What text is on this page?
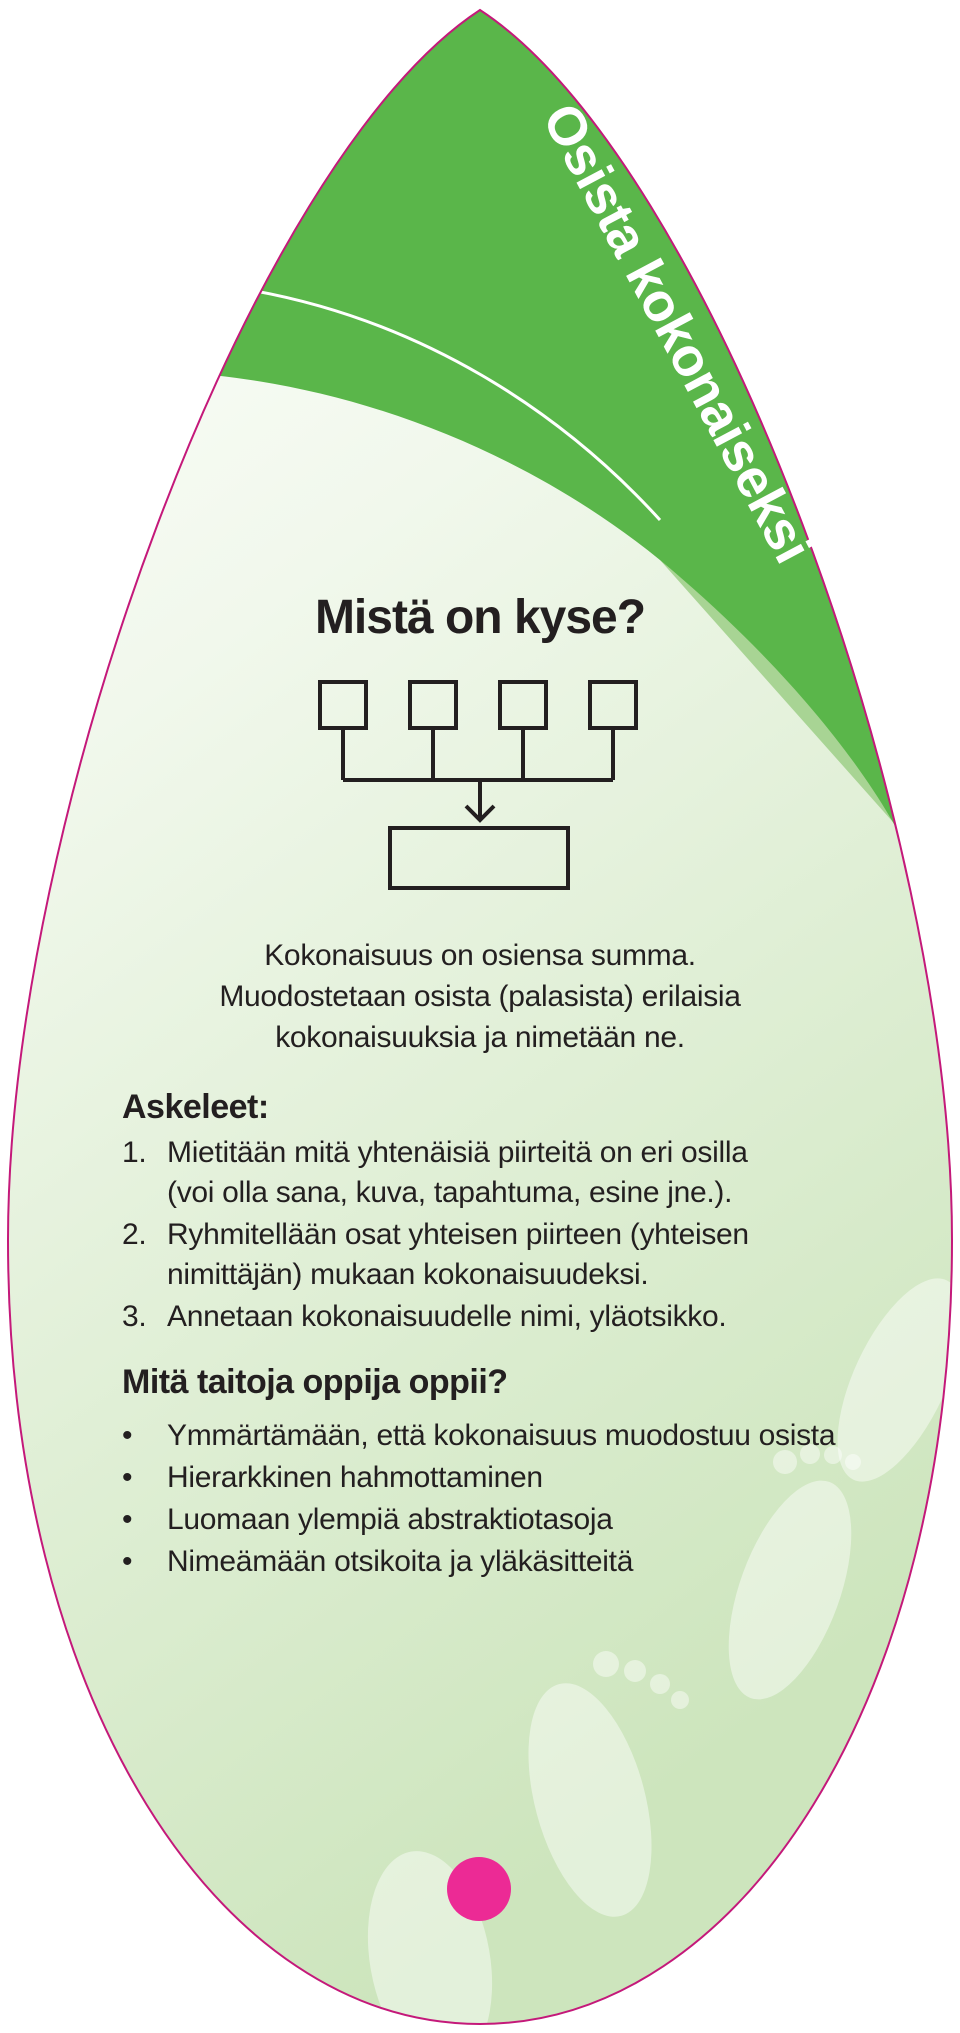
Osista kokonaiseksi
Mistä on kyse?
Kokonaisuus on osiensa summa.
Muodostetaan osista (palasista) erilaisia
kokonaisuuksia ja nimetään ne.
Askeleet:
1. Mietitään mitä yhtenäisiä piirteitä on eri osilla
(voi olla sana, kuva, tapahtuma, esine jne.).
2. Ryhmitellään osat yhteisen piirteen (yhteisen
nimittäjän) mukaan kokonaisuudeksi.
3. Annetaan kokonaisuudelle nimi, yläotsikko.
Mitä taitoja oppija oppii?
• Ymmärtämään, että kokonaisuus muodostuu osista
• Hierarkkinen hahmottaminen
• Luomaan ylempiä abstraktiotasoja
• Nimeämään otsikoita ja yläkäsitteitä
